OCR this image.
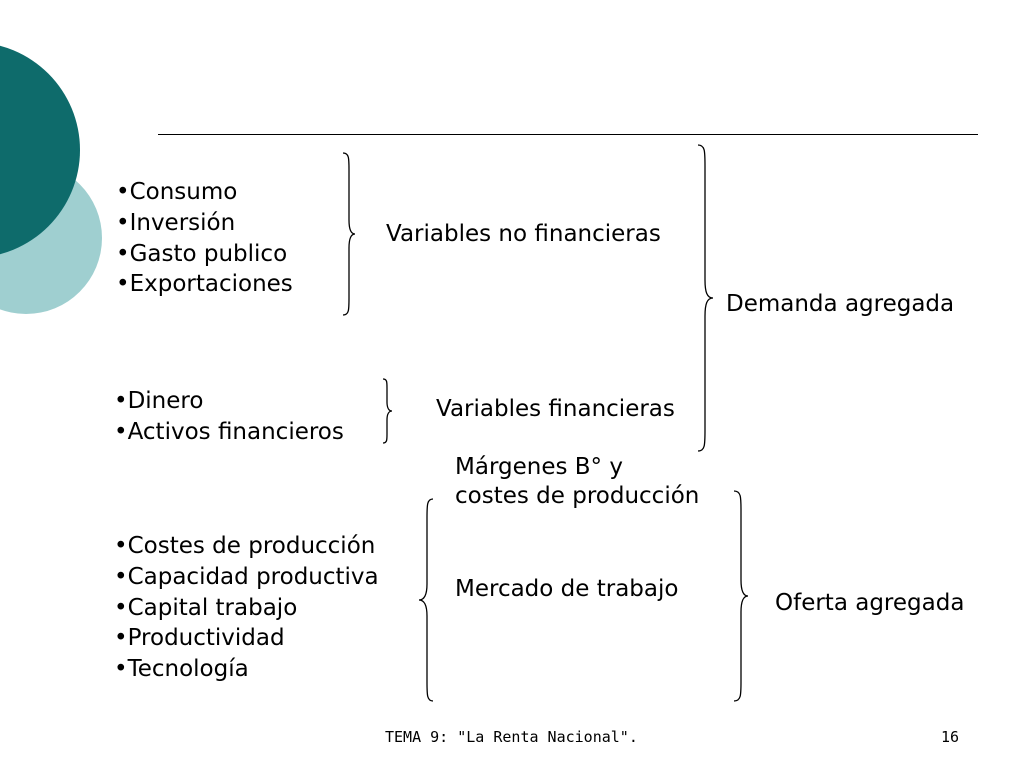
• Consumo
• Inversión
• Gasto publico
• Exportaciones
Variables no financieras
• Dinero
• Activos financieros
Variables financieras
Demanda agregada
Márgenes B° y
costes de producción
• Costes de producción
• Capacidad productiva
• Capital trabajo
• Productividad
• Tecnología
Mercado de trabajo
Oferta agregada
TEMA 9: "La Renta Nacional".	16
